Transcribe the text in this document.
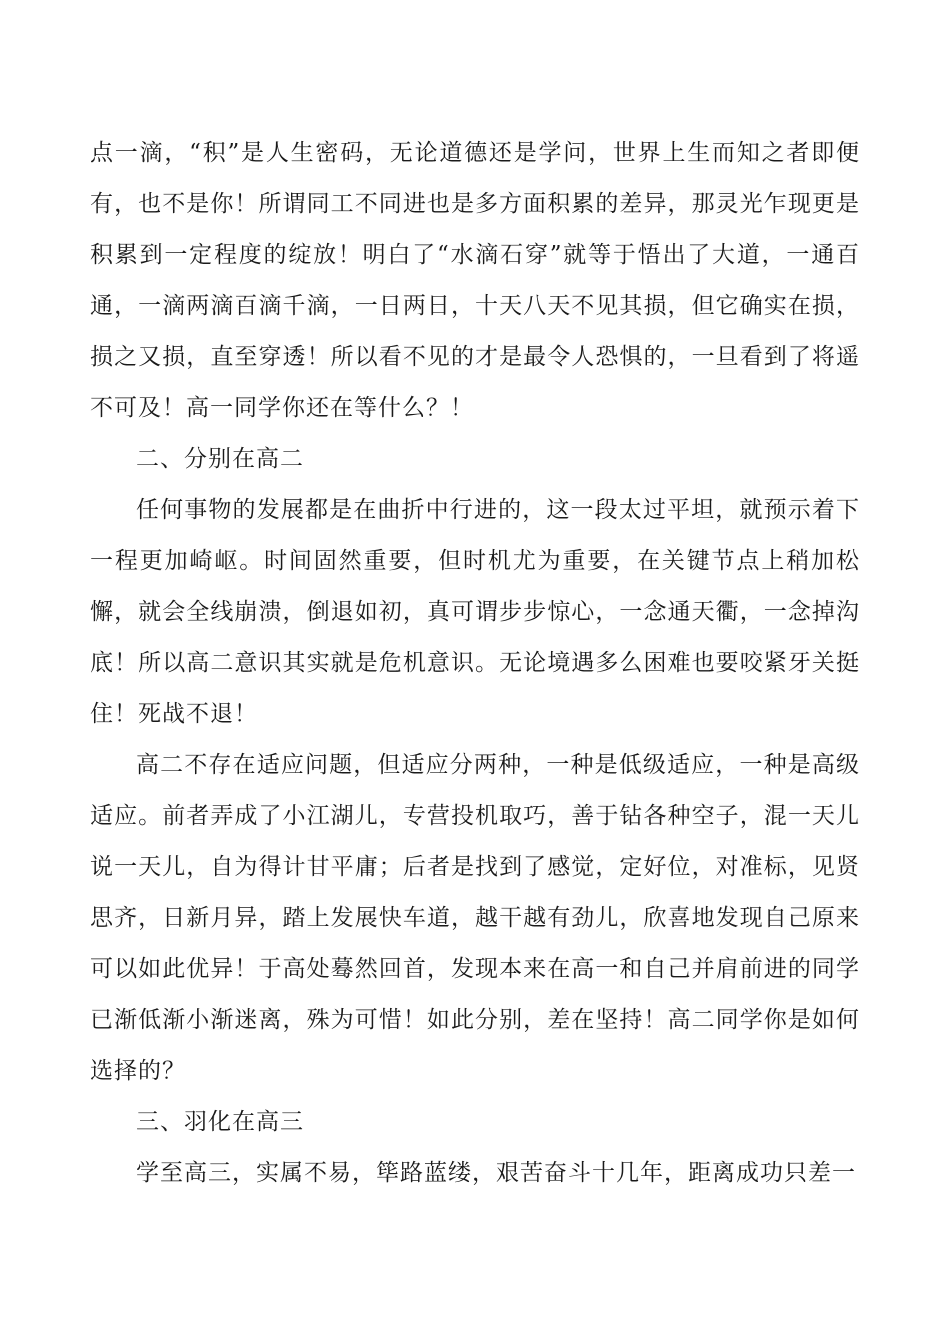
点一滴，“积”是人生密码，无论道德还是学问，世界上生而知之者即便有，也不是你！所谓同工不同进也是多方面积累的差异，那灵光乍现更是积累到一定程度的绽放！明白了“水滴石穿”就等于悟出了大道，一通百通，一滴两滴百滴千滴，一日两日，十天八天不见其损，但它确实在损，损之又损，直至穿透！所以看不见的才是最令人恐惧的，一旦看到了将遥不可及！高一同学你还在等什么？！

二、分别在高二

任何事物的发展都是在曲折中行进的，这一段太过平坦，就预示着下一程更加崎岖。时间固然重要，但时机尤为重要，在关键节点上稍加松懈，就会全线崩溃，倒退如初，真可谓步步惊心，一念通天衢，一念掉沟底！所以高二意识其实就是危机意识。无论境遇多么困难也要咬紧牙关挺住！死战不退！

高二不存在适应问题，但适应分两种，一种是低级适应，一种是高级适应。前者弄成了小江湖儿，专营投机取巧，善于钻各种空子，混一天儿说一天儿，自为得计甘平庸；后者是找到了感觉，定好位，对准标，见贤思齐，日新月异，踏上发展快车道，越干越有劲儿，欣喜地发现自己原来可以如此优异！于高处蓦然回首，发现本来在高一和自己并肩前进的同学已渐低渐小渐迷离，殊为可惜！如此分别，差在坚持！高二同学你是如何选择的？

三、羽化在高三

学至高三，实属不易，筚路蓝缕，艰苦奋斗十几年，距离成功只差一
